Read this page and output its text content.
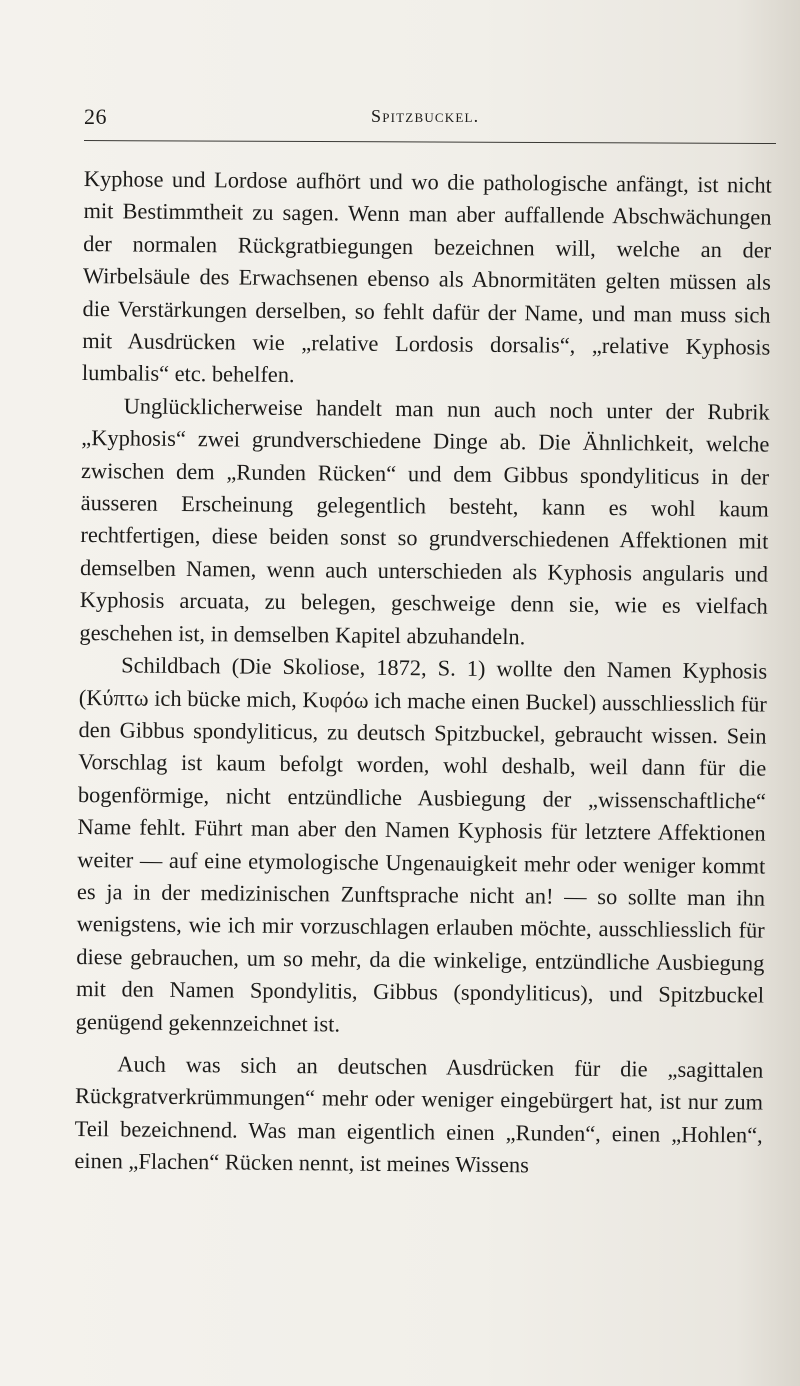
26	Spitzbuckel.

Kyphose und Lordose aufhört und wo die pathologische anfängt, ist nicht mit Bestimmtheit zu sagen. Wenn man aber auffallende Abschwächungen der normalen Rückgratbiegungen bezeichnen will, welche an der Wirbelsäule des Erwachsenen ebenso als Abnormitäten gelten müssen als die Verstärkungen derselben, so fehlt dafür der Name, und man muss sich mit Ausdrücken wie „relative Lordosis dorsalis“, „relative Kyphosis lumbalis“ etc. behelfen.

Unglücklicherweise handelt man nun auch noch unter der Rubrik „Kyphosis“ zwei grundverschiedene Dinge ab. Die Ähnlichkeit, welche zwischen dem „Runden Rücken“ und dem Gibbus spondyliticus in der äusseren Erscheinung gelegentlich besteht, kann es wohl kaum rechtfertigen, diese beiden sonst so grundverschiedenen Affektionen mit demselben Namen, wenn auch unterschieden als Kyphosis angularis und Kyphosis arcuata, zu belegen, geschweige denn sie, wie es vielfach geschehen ist, in demselben Kapitel abzuhandeln.

Schildbach (Die Skoliose, 1872, S. 1) wollte den Namen Kyphosis (Κύπτω ich bücke mich, Κυφόω ich mache einen Buckel) ausschliesslich für den Gibbus spondyliticus, zu deutsch Spitzbuckel, gebraucht wissen. Sein Vorschlag ist kaum befolgt worden, wohl deshalb, weil dann für die bogenförmige, nicht entzündliche Ausbiegung der „wissenschaftliche“ Name fehlt. Führt man aber den Namen Kyphosis für letztere Affektionen weiter — auf eine etymologische Ungenauigkeit mehr oder weniger kommt es ja in der medizinischen Zunftsprache nicht an! — so sollte man ihn wenigstens, wie ich mir vorzuschlagen erlauben möchte, ausschliesslich für diese gebrauchen, um so mehr, da die winkelige, entzündliche Ausbiegung mit den Namen Spondylitis, Gibbus (spondyliticus), und Spitzbuckel genügend gekennzeichnet ist.

Auch was sich an deutschen Ausdrücken für die „sagittalen Rückgratverkrümmungen“ mehr oder weniger eingebürgert hat, ist nur zum Teil bezeichnend. Was man eigentlich einen „Runden“, einen „Hohlen“, einen „Flachen“ Rücken nennt, ist meines Wissens
